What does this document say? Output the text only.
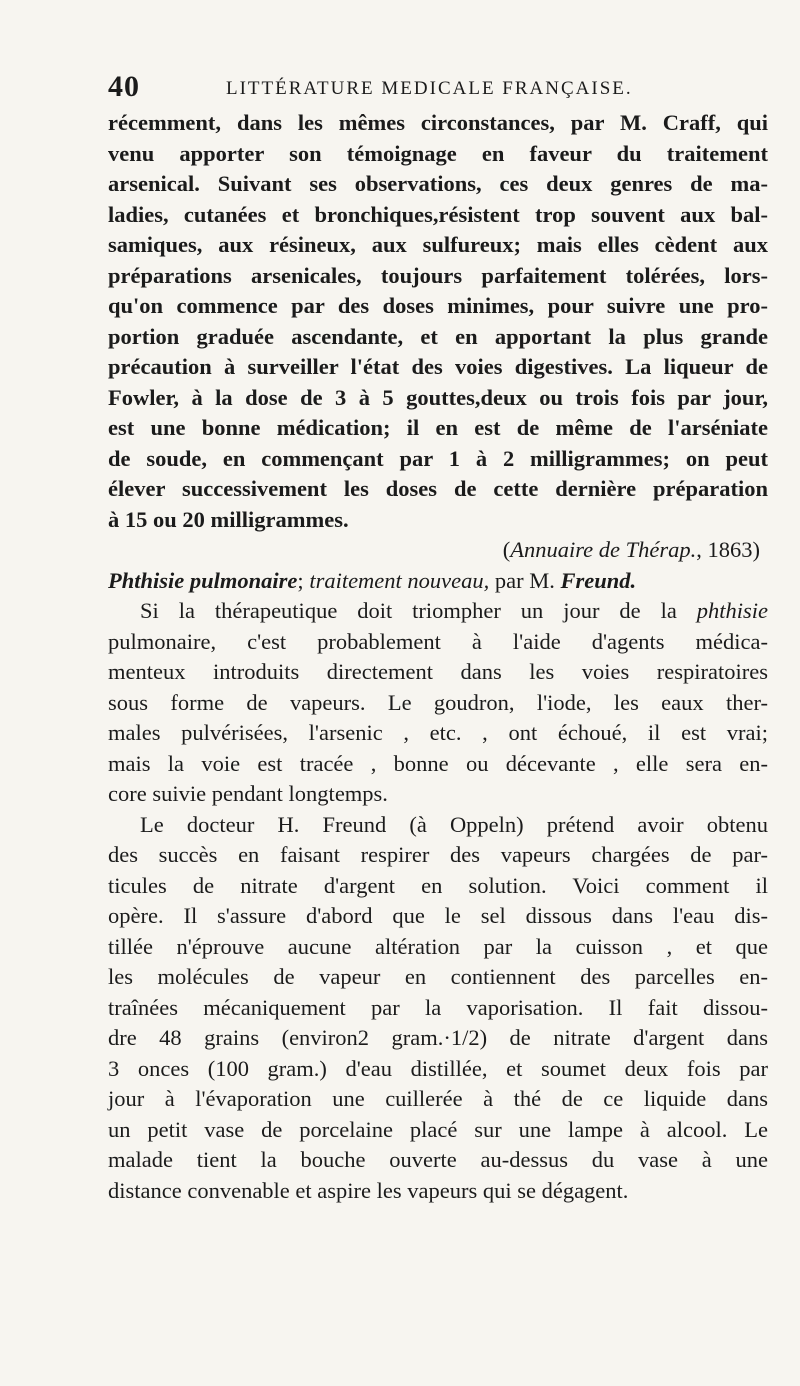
40	LITTÉRATURE MEDICALE FRANÇAISE.
récemment, dans les mêmes circonstances, par M. Craff, qui
venu apporter son témoignage en faveur du traitement
arsenical. Suivant ses observations, ces deux genres de ma-
ladies, cutanées et bronchiques,résistent trop souvent aux bal-
samiques, aux résineux, aux sulfureux; mais elles cèdent aux
préparations arsenicales, toujours parfaitement tolérées, lors-
qu'on commence par des doses minimes, pour suivre une pro-
portion graduée ascendante, et en apportant la plus grande
précaution à surveiller l'état des voies digestives. La liqueur de
Fowler, à la dose de 3 à 5 gouttes,deux ou trois fois par jour,
est une bonne médication; il en est de même de l'arséniate
de soude, en commençant par 1 à 2 milligrammes; on peut
élever successivement les doses de cette dernière préparation
à 15 ou 20 milligrammes.
(Annuaire de Thérap., 1863)
Phthisie pulmonaire; traitement nouveau, par M. Freund.
Si la thérapeutique doit triompher un jour de la phthisie
pulmonaire, c'est probablement à l'aide d'agents médica-
menteux introduits directement dans les voies respiratoires
sous forme de vapeurs. Le goudron, l'iode, les eaux ther-
males pulvérisées, l'arsenic , etc. , ont échoué, il est vrai;
mais la voie est tracée , bonne ou décevante , elle sera en-
core suivie pendant longtemps.
Le docteur H. Freund (à Oppeln) prétend avoir obtenu
des succès en faisant respirer des vapeurs chargées de par-
ticules de nitrate d'argent en solution. Voici comment il
opère. Il s'assure d'abord que le sel dissous dans l'eau dis-
tillée n'éprouve aucune altération par la cuisson , et que
les molécules de vapeur en contiennent des parcelles en-
traînées mécaniquement par la vaporisation. Il fait dissou-
dre 48 grains (environ2 gram.·1/2) de nitrate d'argent dans
3 onces (100 gram.) d'eau distillée, et soumet deux fois par
jour à l'évaporation une cuillerée à thé de ce liquide dans
un petit vase de porcelaine placé sur une lampe à alcool. Le
malade tient la bouche ouverte au-dessus du vase à une
distance convenable et aspire les vapeurs qui se dégagent.
